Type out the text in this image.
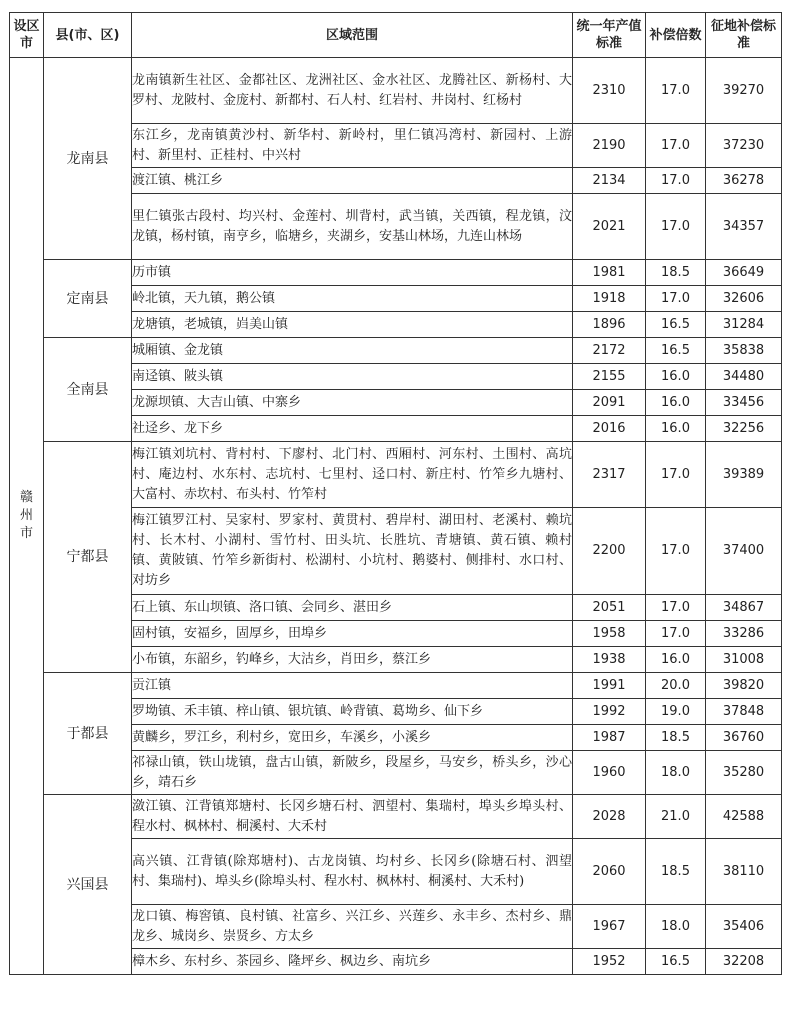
设区市	县(市、区)	区域范围	统一年产值标准	补偿倍数	征地补偿标准
赣州市	龙南县	龙南镇新生社区、金都社区、龙洲社区、金水社区、龙腾社区、新杨村、大罗村、龙陂村、金庞村、新都村、石人村、红岩村、井岗村、红杨村	2310	17.0	39270
		东江乡，龙南镇黄沙村、新华村、新岭村，里仁镇冯湾村、新园村、上游村、新里村、正桂村、中兴村	2190	17.0	37230
		渡江镇、桃江乡	2134	17.0	36278
		里仁镇张古段村、均兴村、金莲村、圳背村，武当镇，关西镇，程龙镇，汶龙镇，杨村镇，南亨乡，临塘乡，夹湖乡，安基山林场，九连山林场	2021	17.0	34357
	定南县	历市镇	1981	18.5	36649
		岭北镇，天九镇，鹅公镇	1918	17.0	32606
		龙塘镇，老城镇，岿美山镇	1896	16.5	31284
	全南县	城厢镇、金龙镇	2172	16.5	35838
		南迳镇、陂头镇	2155	16.0	34480
		龙源坝镇、大吉山镇、中寨乡	2091	16.0	33456
		社迳乡、龙下乡	2016	16.0	32256
	宁都县	梅江镇刘坑村、背村村、下廖村、北门村、西厢村、河东村、土围村、高坑村、庵边村、水东村、志坑村、七里村、迳口村、新庄村、竹笮乡九塘村、大富村、赤坎村、布头村、竹笮村	2317	17.0	39389
		梅江镇罗江村、吴家村、罗家村、黄贯村、碧岸村、湖田村、老溪村、赖坑村、长木村、小湖村、雪竹村、田头坑、长胜坑、青塘镇、黄石镇、赖村镇、黄陂镇、竹笮乡新街村、松湖村、小坑村、鹅婆村、侧排村、水口村、对坊乡	2200	17.0	37400
		石上镇、东山坝镇、洛口镇、会同乡、湛田乡	2051	17.0	34867
		固村镇，安福乡，固厚乡，田埠乡	1958	17.0	33286
		小布镇，东韶乡，钓峰乡，大沽乡，肖田乡，蔡江乡	1938	16.0	31008
	于都县	贡江镇	1991	20.0	39820
		罗坳镇、禾丰镇、梓山镇、银坑镇、岭背镇、葛坳乡、仙下乡	1992	19.0	37848
		黄麟乡，罗江乡，利村乡，宽田乡，车溪乡，小溪乡	1987	18.5	36760
		祁禄山镇，铁山垅镇，盘古山镇，新陂乡，段屋乡，马安乡，桥头乡，沙心乡，靖石乡	1960	18.0	35280
	兴国县	潋江镇、江背镇郑塘村、长冈乡塘石村、泗望村、集瑞村，埠头乡埠头村、程水村、枫林村、桐溪村、大禾村	2028	21.0	42588
		高兴镇、江背镇(除郑塘村)、古龙岗镇、均村乡、长冈乡(除塘石村、泗望村、集瑞村)、埠头乡(除埠头村、程水村、枫林村、桐溪村、大禾村)	2060	18.5	38110
		龙口镇、梅窖镇、良村镇、社富乡、兴江乡、兴莲乡、永丰乡、杰村乡、鼎龙乡、城岗乡、崇贤乡、方太乡	1967	18.0	35406
		樟木乡、东村乡、茶园乡、隆坪乡、枫边乡、南坑乡	1952	16.5	32208
